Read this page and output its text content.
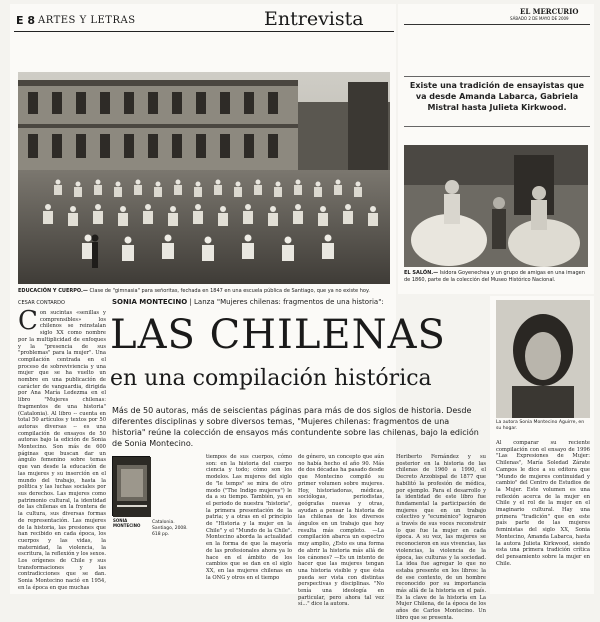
E 8 ARTES Y LETRAS	Entrevista	EL MERCURIO
SÁBADO 2 DE MAYO DE 2009
EDUCACIÓN Y CUERPO.— Clase de "gimnasia" para señoritas, fechada en 1847 en una escuela pública de Santiago, que ya no existe hoy.
Existe una tradición de ensayistas que va desde Amanda Labarca, Gabriela Mistral hasta Julieta Kirkwood.
EL SALÓN.— Isidora Goyenechea y un grupo de amigas en una imagen de 1860, parte de la colección del Museo Histórico Nacional.
CESAR CONTARDO	SONIA MONTECINO | Lanza "Mujeres chilenas: fragmentos de una historia":
LAS CHILENAS
en una compilación histórica
Más de 50 autoras, más de seiscientas páginas para más de dos siglos de historia. Desde diferentes disciplinas y sobre diversos temas, "Mujeres chilenas: fragmentos de una historia" reúne la colección de ensayos más contundente sobre las chilenas, bajo la edición de Sonia Montecino.
Con sucintas «senillas y comprensibles» los chilenos se reinstalan siglo XX como nombre por la multiplicidad de enfoques y la "presencia de sus "problemas" para la mujer". Una compilación centrada en el proceso de sobreviviencia y una mujer que se ha vuelto un nombre en una publicación de carácter de vanguardia, dirigida por Ana María Ledezma en el libro "Mujeres chilenas: fragmentos de una historia" (Catalonia). Al libro -- cuenta en total 50 artículos y textos por 50 autoras diversas -- es una compilación de ensayos de 50 autoras bajo la edición de Sonia Montecino. Son más de 600 páginas que buscan dar un ángulo femenino sobre temas que van desde la educación de las mujeres y su inserción en el mundo del trabajo, hasta la política y las luchas sociales por sus derechos. Las mujeres como patrimonio cultural, la identidad de las chilenas en la frontera de la cultura, sus diversas formas de representación. Las mujeres de la historia, las presiones que han recibido en cada época, los cuerpos y las vidas, la maternidad, la violencia, la escritura, la reflexión y los sexos. Los orígenes de Chile y sus transformaciones y las contradicciones que se dan. Sonia Montecino nació en 1954, en la época en que muchas
SONIA MONTECINO
Catalonia. Santiago, 2008. 618 pp.
tiempos de sus cuerpos, cómo son: en la historia del cuerpo ciencia y todo; cómo son los modelos. Las mujeres del siglo de "le temps" se mira de otro modo ("The Indigo mujeres") le da a su tiempo. También, ya en el periodo de nuestra "historia", la primera presentación de la patria; y a otras en el principio de "Historia y la mujer en la Chile" y el "Mundo de la Chile". Montecino aborda la actualidad en la forma de que la mayoría de las profesionales ahora ya lo hace en el ámbito de los cambios que se dan en el siglo XX, en las mujeres chilenas en la ONG y otros en el tiempo
de género, un concepto que aún no había hecho el año 90. Más de dos décadas ha pasado desde que Montecino compiló su primer volumen sobre mujeres. Hoy, historiadoras, médicas, sociólogas, periodistas, geógrafas nuevas y otras, ayudan a pensar la historia de las chilenas de los diversos ángulos en un trabajo que hoy resulta más completo. —La compilación abarca un espectro muy amplio, ¿Esto es una forma de abrir la historia más allá de los cánones? —Es un intento de hacer que las mujeres tengan una historia visible y que ésta pueda ser vista con distintas perspectivas y disciplinas. "No tenía una ideología en particular, pero ahora tal vez sí..." dice la autora.
Heriberto Fernández y su posterior en la historia de las chilenas de 1960 a 1990, el Decreto Arzobispal de 1877 que habilitó la profesión de médica, por ejemplo. Para el desarrollo y la identidad de este libro fue fundamental la participación de mujeres que en un trabajo colectivo y "ecuménico" lograron a través de sus voces reconstruir lo que fue la mujer en cada época. A su vez, las mujeres se reconocieron en sus vivencias, las violencias, la violencia de la época, las culturas y la sociedad. La idea fue agregar lo que no estaba presente en los libros: la de ese contexto, de un hombre reconocido por su importancia más allá de la historia en el país. Es la clave de la historia en La Mujer Chilena, de la época de los años de Carlos Montecino. Un libro que se presenta.
La autora Sonia Montecino Aguirre, en su hogar.
Al comparar su reciente compilación con el ensayo de 1996 "Las Expresiones de Mujer: Chilenas", María Soledad Zárate Campos le dice a su editora que "Mundo de mujeres continuidad y cambio" del Centro de Estudios de la Mujer. Este volumen es una reflexión acerca de la mujer en Chile y el rol de la mujer en el imaginario cultural. Hay una primera "tradición" que en este país parte de las mujeres feministas del siglo XX, Sonia Montecino, Amanda Labarca, hasta la autora Julieta Kirkwood, siendo esta una primera tradición crítica del pensamiento sobre la mujer en Chile.
